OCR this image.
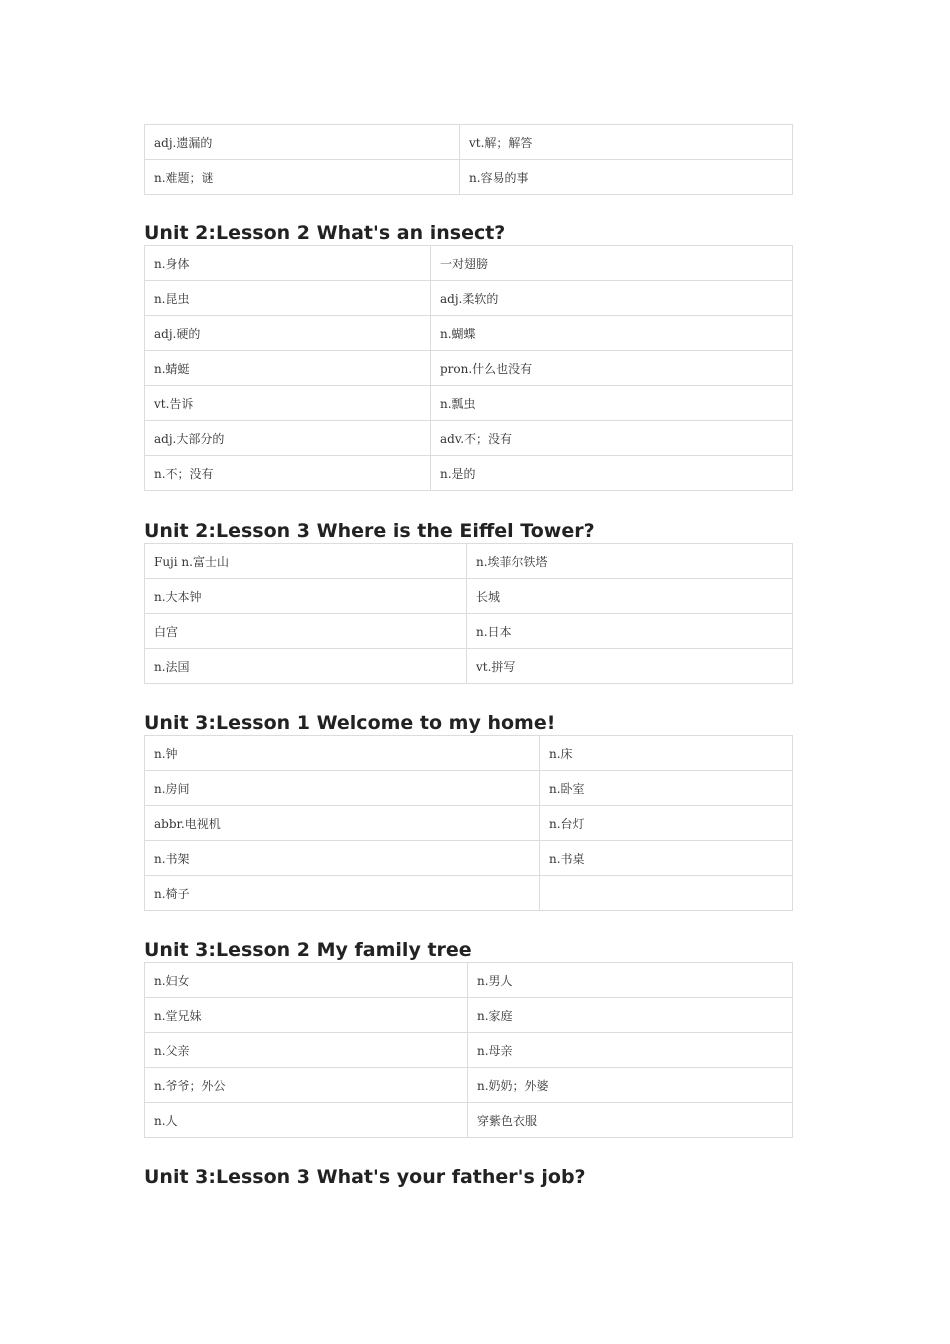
adj.遗漏的	vt.解；解答
n.难题；谜	n.容易的事
Unit 2:Lesson 2 What's an insect?
n.身体	一对翅膀
n.昆虫	adj.柔软的
adj.硬的	n.蝴蝶
n.蜻蜓	pron.什么也没有
vt.告诉	n.瓢虫
adj.大部分的	adv.不；没有
n.不；没有	n.是的
Unit 2:Lesson 3 Where is the Eiffel Tower?
Fuji n.富士山	n.埃菲尔铁塔
n.大本钟	长城
白宫	n.日本
n.法国	vt.拼写
Unit 3:Lesson 1 Welcome to my home!
n.钟	n.床
n.房间	n.卧室
abbr.电视机	n.台灯
n.书架	n.书桌
n.椅子	
Unit 3:Lesson 2 My family tree
n.妇女	n.男人
n.堂兄妹	n.家庭
n.父亲	n.母亲
n.爷爷；外公	n.奶奶；外婆
n.人	穿紫色衣服
Unit 3:Lesson 3 What's your father's job?
